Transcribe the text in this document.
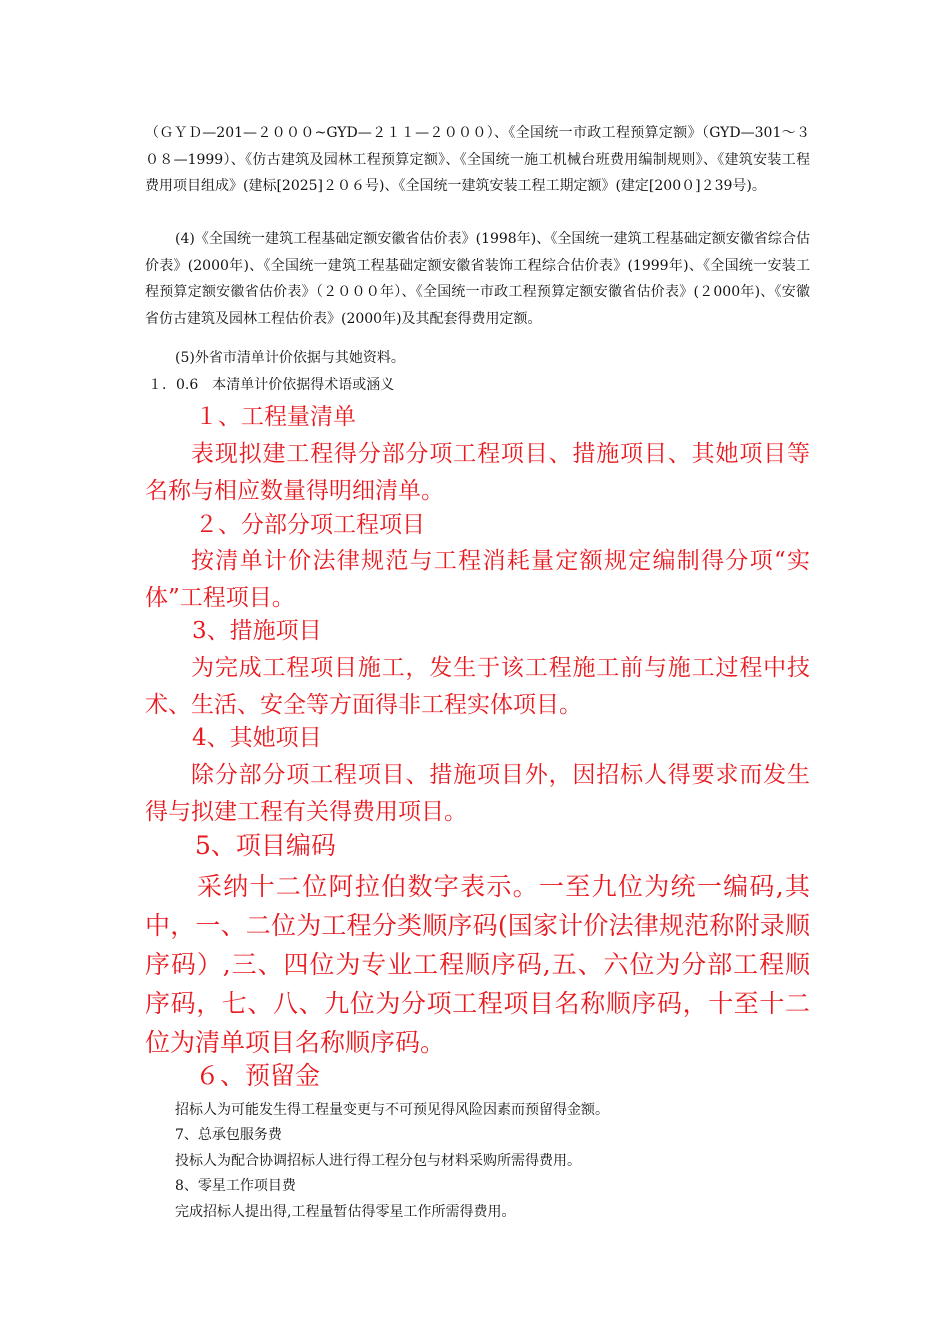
（ＧＹＤ—201—２０００~GYD—２１１—２０００）、《全国统一市政工程预算定额》（GYD—301～３０８—1999）、《仿古建筑及园林工程预算定额》、《全国统一施工机械台班费用编制规则》、《建筑安装工程费用项目组成》(建标[2025]２０６号)、《全国统一建筑安装工程工期定额》(建定[200０]２39号)。

(4)《全国统一建筑工程基础定额安徽省估价表》(1998年)、《全国统一建筑工程基础定额安徽省综合估价表》(2000年)、《全国统一建筑工程基础定额安徽省装饰工程综合估价表》(1999年)、《全国统一安装工程预算定额安徽省估价表》（２０００年）、《全国统一市政工程预算定额安徽省估价表》(２000年)、《安徽省仿古建筑及园林工程估价表》(2000年)及其配套得费用定额。

(5)外省市清单计价依据与其她资料。

１．0.6　本清单计价依据得术语或涵义

１、工程量清单

表现拟建工程得分部分项工程项目、措施项目、其她项目等名称与相应数量得明细清单。

２、分部分项工程项目

按清单计价法律规范与工程消耗量定额规定编制得分项“实体”工程项目。

3、措施项目

为完成工程项目施工，发生于该工程施工前与施工过程中技术、生活、安全等方面得非工程实体项目。

4、其她项目

除分部分项工程项目、措施项目外，因招标人得要求而发生得与拟建工程有关得费用项目。

5、项目编码

采纳十二位阿拉伯数字表示。一至九位为统一编码,其中，一、二位为工程分类顺序码(国家计价法律规范称附录顺序码）,三、四位为专业工程顺序码,五、六位为分部工程顺序码，七、八、九位为分项工程项目名称顺序码，十至十二位为清单项目名称顺序码。

６、预留金

招标人为可能发生得工程量变更与不可预见得风险因素而预留得金额。

7、总承包服务费

投标人为配合协调招标人进行得工程分包与材料采购所需得费用。

8、零星工作项目费

完成招标人提出得,工程量暂估得零星工作所需得费用。
